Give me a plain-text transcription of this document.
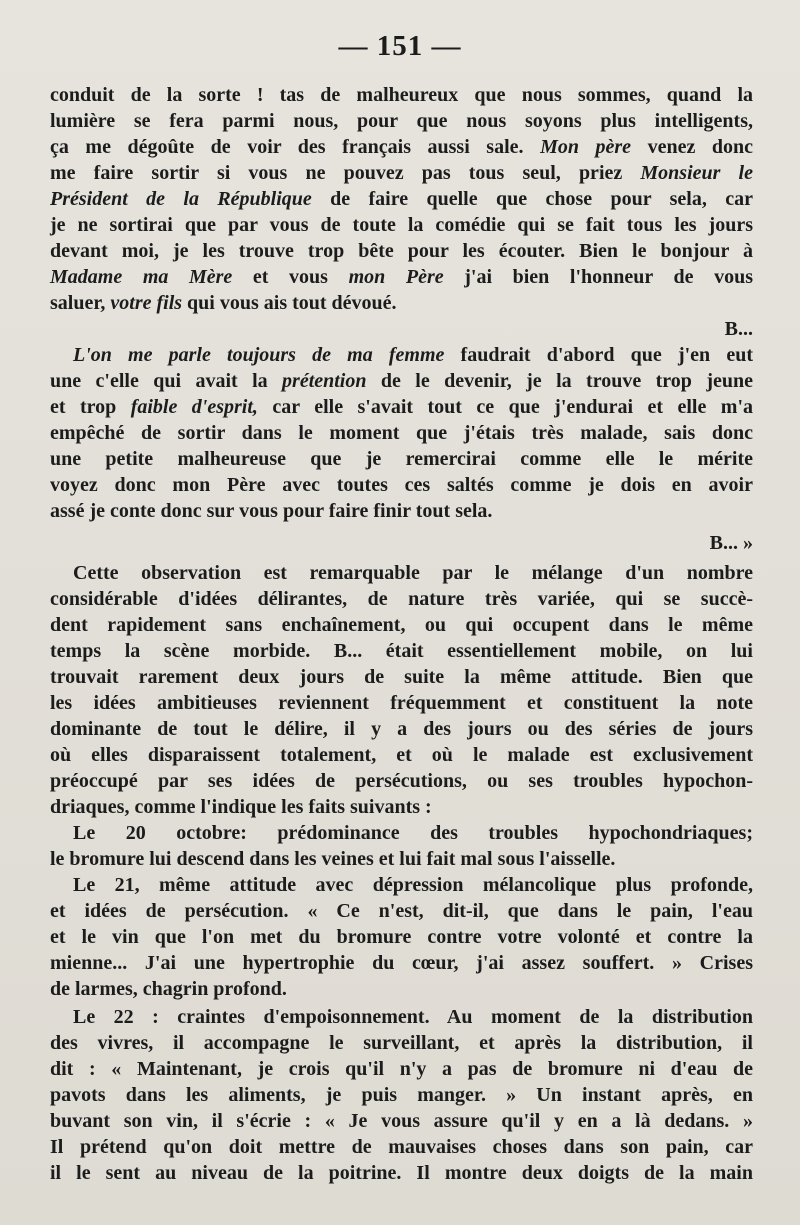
— 151 —
conduit de la sorte ! tas de malheureux que nous sommes, quand la
lumière se fera parmi nous, pour que nous soyons plus intelligents,
ça me dégoûte de voir des français aussi sale. Mon père venez donc
me faire sortir si vous ne pouvez pas tous seul, priez Monsieur le
Président de la République de faire quelle que chose pour sela, car
je ne sortirai que par vous de toute la comédie qui se fait tous les jours
devant moi, je les trouve trop bête pour les écouter. Bien le bonjour à
Madame ma Mère et vous mon Père j'ai bien l'honneur de vous
saluer, votre fils qui vous ais tout dévoué.
B...
L'on me parle toujours de ma femme faudrait d'abord que j'en eut
une c'elle qui avait la prétention de le devenir, je la trouve trop jeune
et trop faible d'esprit, car elle s'avait tout ce que j'endurai et elle m'a
empêché de sortir dans le moment que j'étais très malade, sais donc
une petite malheureuse que je remercirai comme elle le mérite
voyez donc mon Père avec toutes ces saltés comme je dois en avoir
assé je conte donc sur vous pour faire finir tout sela.
B... »
Cette observation est remarquable par le mélange d'un nombre
considérable d'idées délirantes, de nature très variée, qui se succè-
dent rapidement sans enchaînement, ou qui occupent dans le même
temps la scène morbide. B... était essentiellement mobile, on lui
trouvait rarement deux jours de suite la même attitude. Bien que
les idées ambitieuses reviennent fréquemment et constituent la note
dominante de tout le délire, il y a des jours ou des séries de jours
où elles disparaissent totalement, et où le malade est exclusivement
préoccupé par ses idées de persécutions, ou ses troubles hypochon-
driaques, comme l'indique les faits suivants :
Le 20 octobre: prédominance des troubles hypochondriaques;
le bromure lui descend dans les veines et lui fait mal sous l'aisselle.
Le 21, même attitude avec dépression mélancolique plus profonde,
et idées de persécution. « Ce n'est, dit-il, que dans le pain, l'eau
et le vin que l'on met du bromure contre votre volonté et contre la
mienne... J'ai une hypertrophie du cœur, j'ai assez souffert. » Crises
de larmes, chagrin profond.
Le 22 : craintes d'empoisonnement. Au moment de la distribution
des vivres, il accompagne le surveillant, et après la distribution, il
dit : « Maintenant, je crois qu'il n'y a pas de bromure ni d'eau de
pavots dans les aliments, je puis manger. » Un instant après, en
buvant son vin, il s'écrie : « Je vous assure qu'il y en a là dedans. »
Il prétend qu'on doit mettre de mauvaises choses dans son pain, car
il le sent au niveau de la poitrine. Il montre deux doigts de la main
